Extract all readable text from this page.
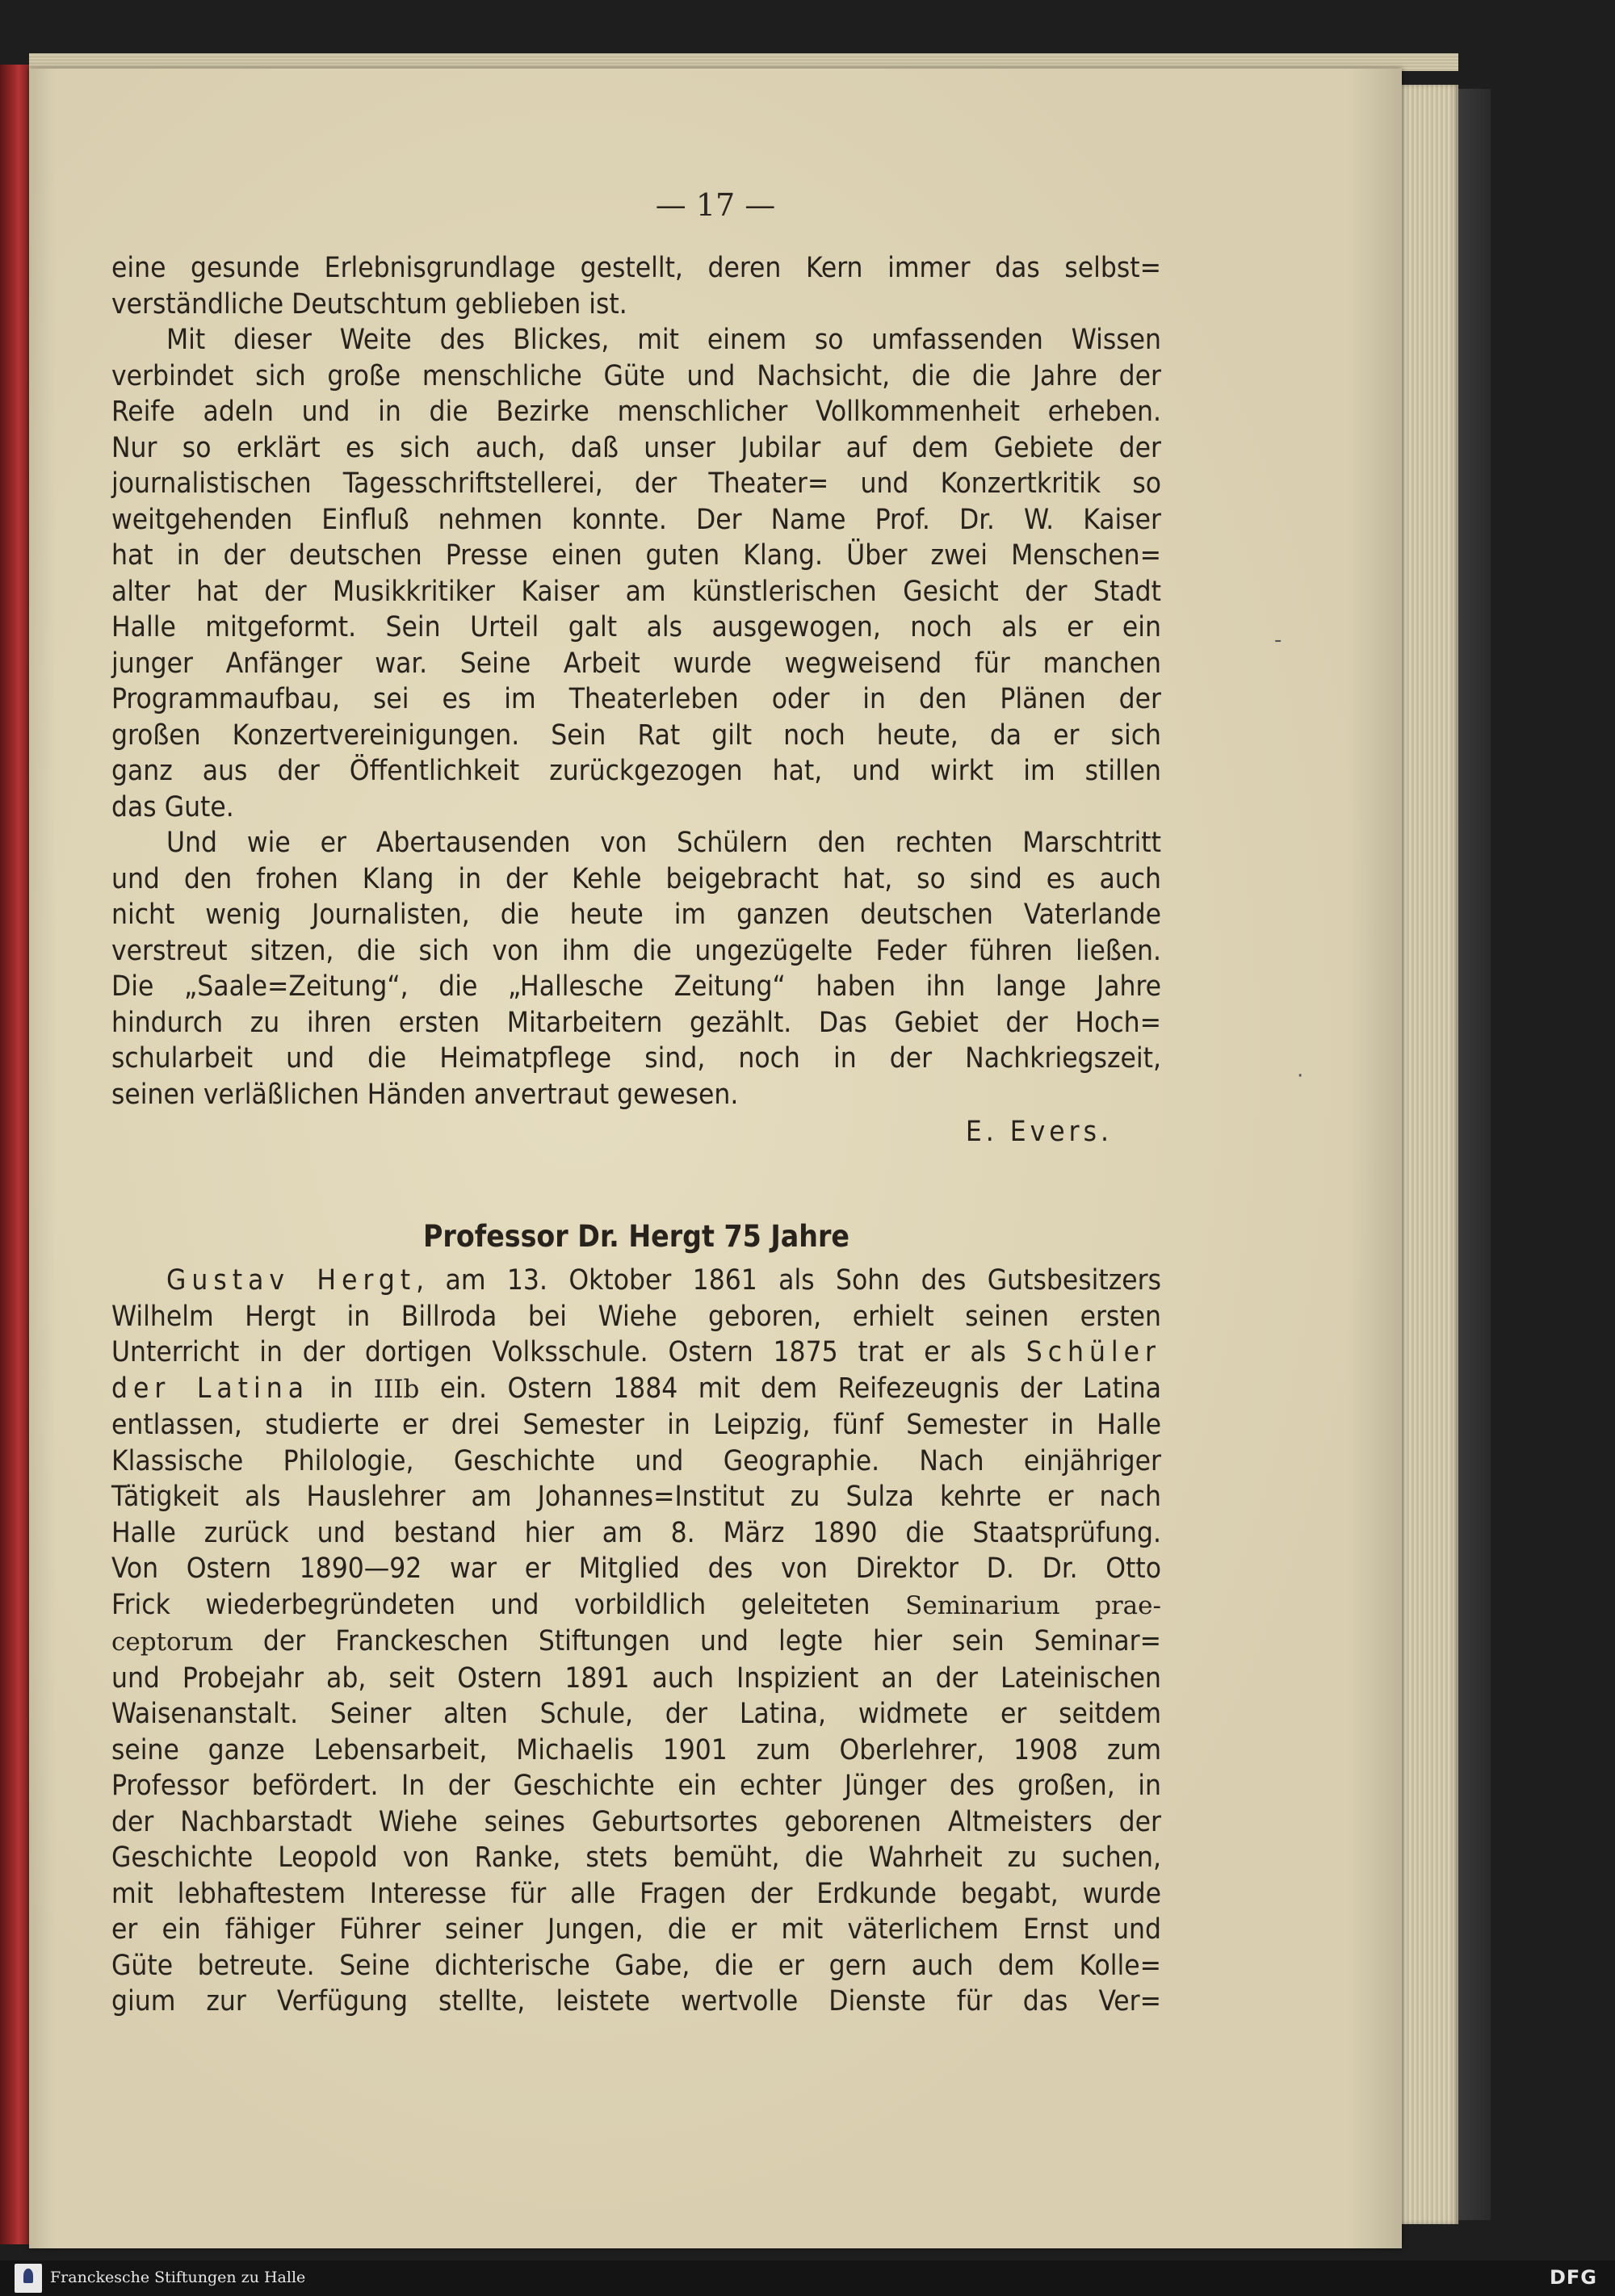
— 17 —
-
·
eine gesunde Erlebnisgrundlage gestellt, deren Kern immer das selbst=
verständliche Deutschtum geblieben ist.
Mit dieser Weite des Blickes, mit einem so umfassenden Wissen
verbindet sich große menschliche Güte und Nachsicht, die die Jahre der
Reife adeln und in die Bezirke menschlicher Vollkommenheit erheben.
Nur so erklärt es sich auch, daß unser Jubilar auf dem Gebiete der
journalistischen Tagesschriftstellerei, der Theater= und Konzertkritik so
weitgehenden Einfluß nehmen konnte. Der Name Prof. Dr. W. Kaiser
hat in der deutschen Presse einen guten Klang. Über zwei Menschen=
alter hat der Musikkritiker Kaiser am künstlerischen Gesicht der Stadt
Halle mitgeformt. Sein Urteil galt als ausgewogen, noch als er ein
junger Anfänger war. Seine Arbeit wurde wegweisend für manchen
Programmaufbau, sei es im Theaterleben oder in den Plänen der
großen Konzertvereinigungen. Sein Rat gilt noch heute, da er sich
ganz aus der Öffentlichkeit zurückgezogen hat, und wirkt im stillen
das Gute.
Und wie er Abertausenden von Schülern den rechten Marschtritt
und den frohen Klang in der Kehle beigebracht hat, so sind es auch
nicht wenig Journalisten, die heute im ganzen deutschen Vaterlande
verstreut sitzen, die sich von ihm die ungezügelte Feder führen ließen.
Die „Saale=Zeitung“, die „Hallesche Zeitung“ haben ihn lange Jahre
hindurch zu ihren ersten Mitarbeitern gezählt. Das Gebiet der Hoch=
schularbeit und die Heimatpflege sind, noch in der Nachkriegszeit,
seinen verläßlichen Händen anvertraut gewesen.
E. Evers.
Professor Dr. Hergt 75 Jahre
Gustav Hergt, am 13. Oktober 1861 als Sohn des Gutsbesitzers
Wilhelm Hergt in Billroda bei Wiehe geboren, erhielt seinen ersten
Unterricht in der dortigen Volksschule. Ostern 1875 trat er als Schüler
der Latina in IIIb ein. Ostern 1884 mit dem Reifezeugnis der Latina
entlassen, studierte er drei Semester in Leipzig, fünf Semester in Halle
Klassische Philologie, Geschichte und Geographie. Nach einjähriger
Tätigkeit als Hauslehrer am Johannes=Institut zu Sulza kehrte er nach
Halle zurück und bestand hier am 8. März 1890 die Staatsprüfung.
Von Ostern 1890—92 war er Mitglied des von Direktor D. Dr. Otto
Frick wiederbegründeten und vorbildlich geleiteten Seminarium prae-
ceptorum der Franckeschen Stiftungen und legte hier sein Seminar=
und Probejahr ab, seit Ostern 1891 auch Inspizient an der Lateinischen
Waisenanstalt. Seiner alten Schule, der Latina, widmete er seitdem
seine ganze Lebensarbeit, Michaelis 1901 zum Oberlehrer, 1908 zum
Professor befördert. In der Geschichte ein echter Jünger des großen, in
der Nachbarstadt Wiehe seines Geburtsortes geborenen Altmeisters der
Geschichte Leopold von Ranke, stets bemüht, die Wahrheit zu suchen,
mit lebhaftestem Interesse für alle Fragen der Erdkunde begabt, wurde
er ein fähiger Führer seiner Jungen, die er mit väterlichem Ernst und
Güte betreute. Seine dichterische Gabe, die er gern auch dem Kolle=
gium zur Verfügung stellte, leistete wertvolle Dienste für das Ver=
Franckesche Stiftungen zu Halle	DFG
